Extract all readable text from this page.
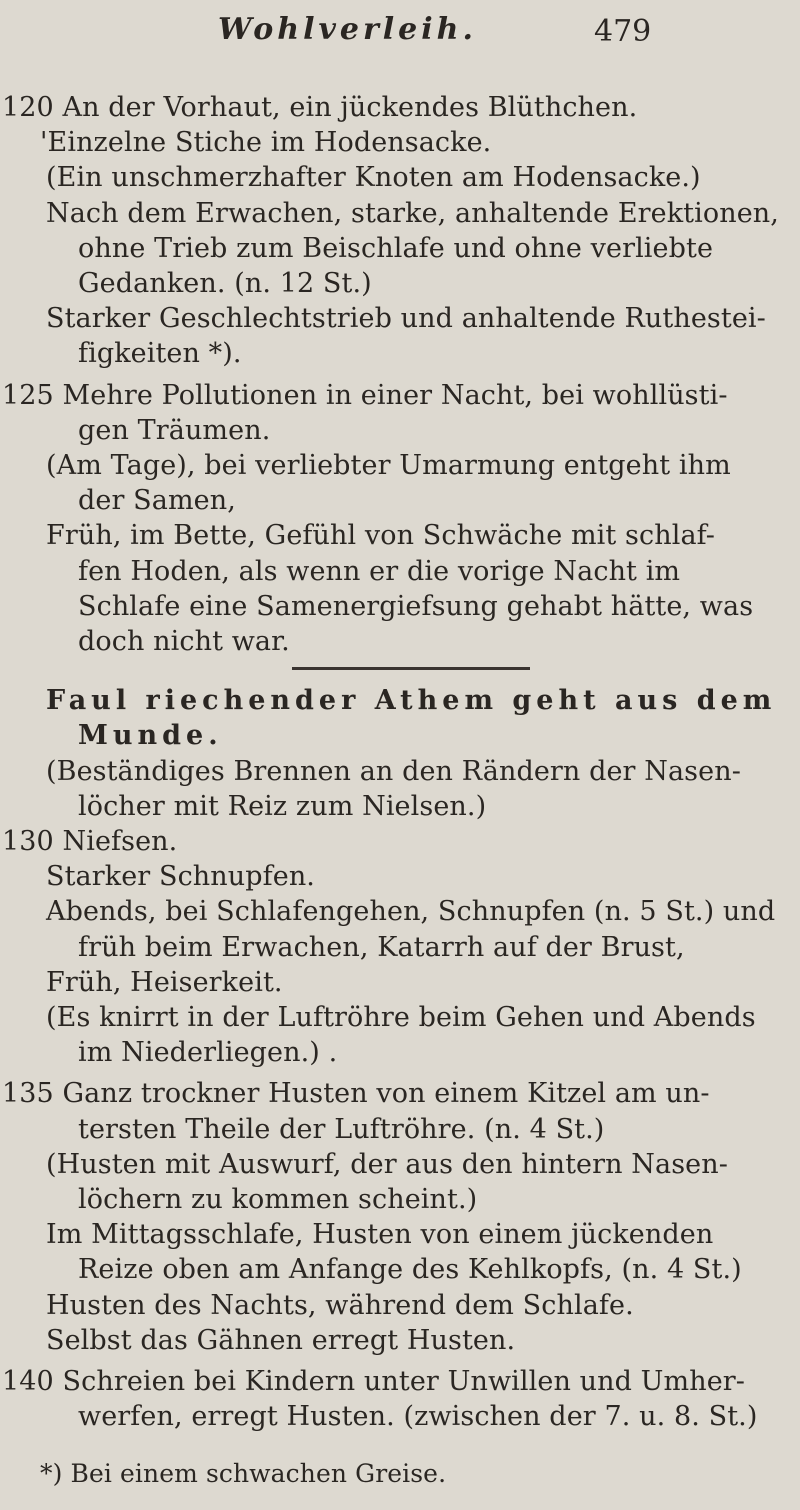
Wohlverleih.	479
120 An der Vorhaut, ein jückendes Blüthchen.
'Einzelne Stiche im Hodensacke.
(Ein unschmerzhafter Knoten am Hodensacke.)
Nach dem Erwachen, starke, anhaltende Erektionen,
ohne Trieb zum Beischlafe und ohne verliebte
Gedanken. (n. 12 St.)
Starker Geschlechtstrieb und anhaltende Ruthestei-
figkeiten *).
125 Mehre Pollutionen in einer Nacht, bei wohllüsti-
gen Träumen.
(Am Tage), bei verliebter Umarmung entgeht ihm
der Samen,
Früh, im Bette, Gefühl von Schwäche mit schlaf-
fen Hoden, als wenn er die vorige Nacht im
Schlafe eine Samenergiefsung gehabt hätte, was
doch nicht war.
Faul riechender Athem geht aus dem
Munde.
(Beständiges Brennen an den Rändern der Nasen-
löcher mit Reiz zum Nielsen.)
130 Niefsen.
Starker Schnupfen.
Abends, bei Schlafengehen, Schnupfen (n. 5 St.) und
früh beim Erwachen, Katarrh auf der Brust,
Früh, Heiserkeit.
(Es knirrt in der Luftröhre beim Gehen und Abends
im Niederliegen.) .
135 Ganz trockner Husten von einem Kitzel am un-
tersten Theile der Luftröhre. (n. 4 St.)
(Husten mit Auswurf, der aus den hintern Nasen-
löchern zu kommen scheint.)
Im Mittagsschlafe, Husten von einem jückenden
Reize oben am Anfange des Kehlkopfs, (n. 4 St.)
Husten des Nachts, während dem Schlafe.
Selbst das Gähnen erregt Husten.
140 Schreien bei Kindern unter Unwillen und Umher-
werfen, erregt Husten. (zwischen der 7. u. 8. St.)
*) Bei einem schwachen Greise.
